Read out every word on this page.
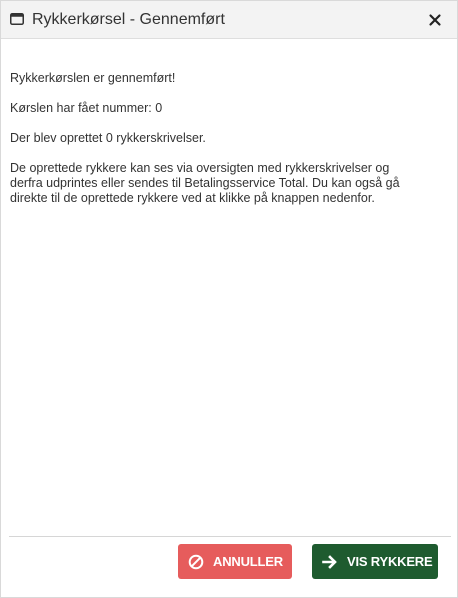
Rykkerkørsel - Gennemført

Rykkerkørslen er gennemført!

Kørslen har fået nummer: 0

Der blev oprettet 0 rykkerskrivelser.

De oprettede rykkere kan ses via oversigten med rykkerskrivelser og derfra udprintes eller sendes til Betalingsservice Total. Du kan også gå direkte til de oprettede rykkere ved at klikke på knappen nedenfor.

ANNULLER	VIS RYKKERE
